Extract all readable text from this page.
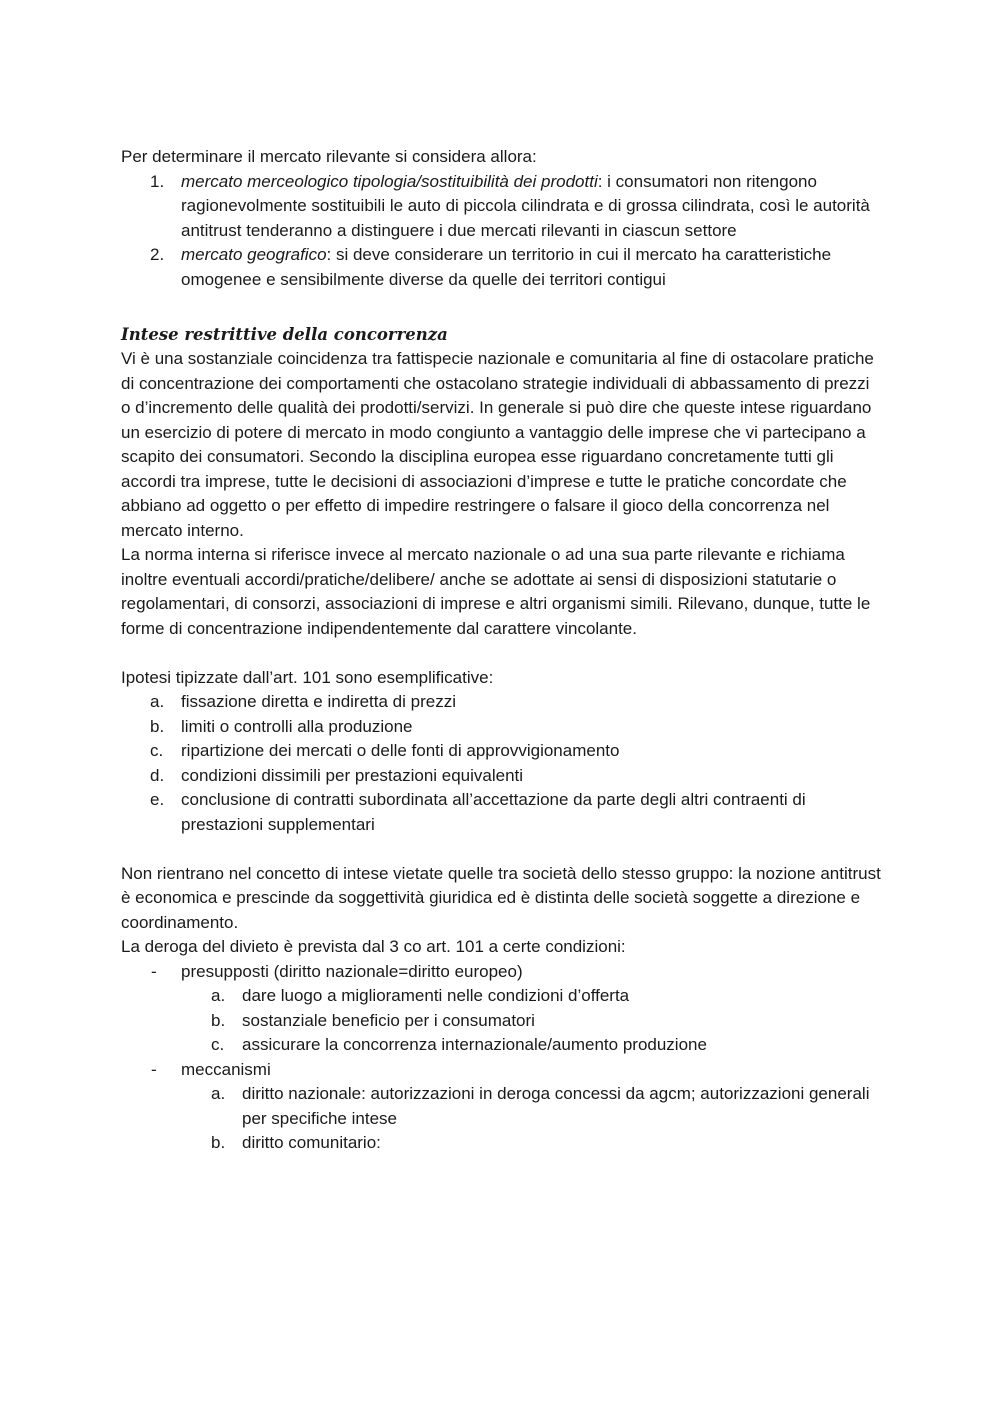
Per determinare il mercato rilevante si considera allora:

1. mercato merceologico tipologia/sostituibilità dei prodotti: i consumatori non ritengono ragionevolmente sostituibili le auto di piccola cilindrata e di grossa cilindrata, così le autorità antitrust tenderanno a distinguere i due mercati rilevanti in ciascun settore
2. mercato geografico: si deve considerare un territorio in cui il mercato ha caratteristiche omogenee e sensibilmente diverse da quelle dei territori contigui

Intese restrittive della concorrenza

Vi è una sostanziale coincidenza tra fattispecie nazionale e comunitaria al fine di ostacolare pratiche di concentrazione dei comportamenti che ostacolano strategie individuali di abbassamento di prezzi o d’incremento delle qualità dei prodotti/servizi. In generale si può dire che queste intese riguardano un esercizio di potere di mercato in modo congiunto a vantaggio delle imprese che vi partecipano a scapito dei consumatori. Secondo la disciplina europea esse riguardano concretamente tutti gli accordi tra imprese, tutte le decisioni di associazioni d’imprese e tutte le pratiche concordate che abbiano ad oggetto o per effetto di impedire restringere o falsare il gioco della concorrenza nel mercato interno.

La norma interna si riferisce invece al mercato nazionale o ad una sua parte rilevante e richiama inoltre eventuali accordi/pratiche/delibere/ anche se adottate ai sensi di disposizioni statutarie o regolamentari, di consorzi, associazioni di imprese e altri organismi simili. Rilevano, dunque, tutte le forme di concentrazione indipendentemente dal carattere vincolante.

Ipotesi tipizzate dall’art. 101 sono esemplificative:

a. fissazione diretta e indiretta di prezzi
b. limiti o controlli alla produzione
c. ripartizione dei mercati o delle fonti di approvvigionamento
d. condizioni dissimili per prestazioni equivalenti
e. conclusione di contratti subordinata all’accettazione da parte degli altri contraenti di prestazioni supplementari

Non rientrano nel concetto di intese vietate quelle tra società dello stesso gruppo: la nozione antitrust è economica e prescinde da soggettività giuridica ed è distinta delle società soggette a direzione e coordinamento.

La deroga del divieto è prevista dal 3 co art. 101 a certe condizioni:

- presupposti (diritto nazionale=diritto europeo)
a. dare luogo a miglioramenti nelle condizioni d’offerta
b. sostanziale beneficio per i consumatori
c. assicurare la concorrenza internazionale/aumento produzione
- meccanismi
a. diritto nazionale: autorizzazioni in deroga concessi da agcm; autorizzazioni generali per specifiche intese
b. diritto comunitario:
